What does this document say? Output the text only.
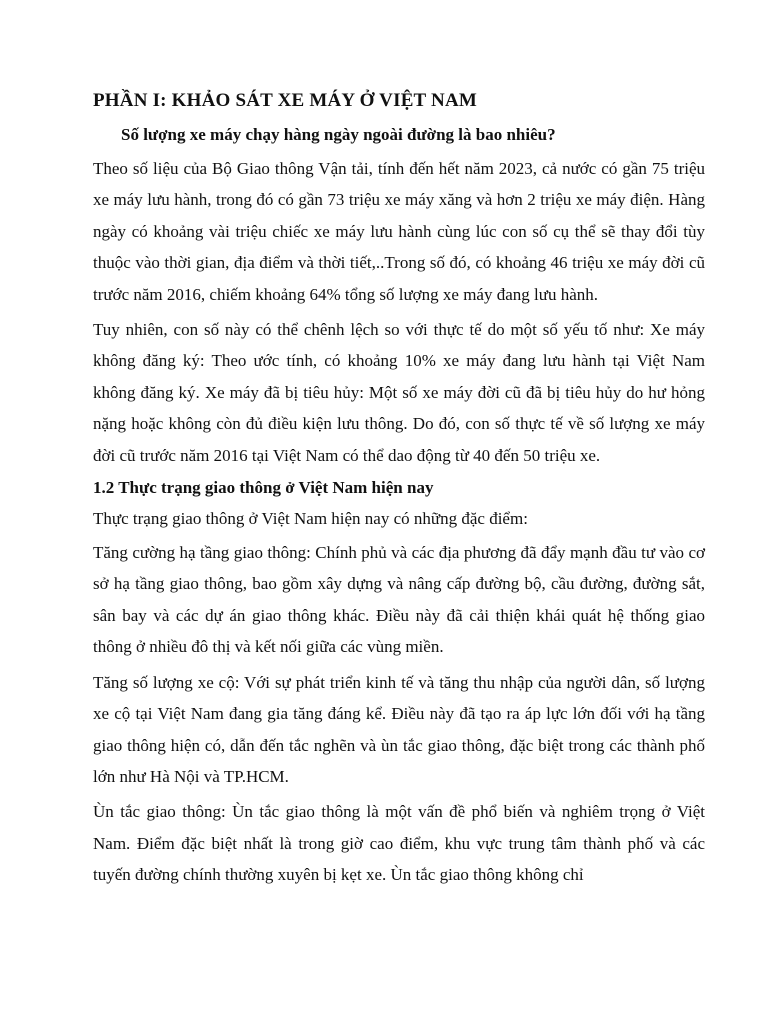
PHẦN I: KHẢO SÁT XE MÁY Ở VIỆT NAM

Số lượng xe máy chạy hàng ngày ngoài đường là bao nhiêu?

Theo số liệu của Bộ Giao thông Vận tải, tính đến hết năm 2023, cả nước có gần 75 triệu xe máy lưu hành, trong đó có gần 73 triệu xe máy xăng và hơn 2 triệu xe máy điện. Hàng ngày có khoảng vài triệu chiếc xe máy lưu hành cùng lúc con số cụ thể sẽ thay đổi tùy thuộc vào thời gian, địa điểm và thời tiết,..Trong số đó, có khoảng 46 triệu xe máy đời cũ trước năm 2016, chiếm khoảng 64% tổng số lượng xe máy đang lưu hành.

Tuy nhiên, con số này có thể chênh lệch so với thực tế do một số yếu tố như: Xe máy không đăng ký: Theo ước tính, có khoảng 10% xe máy đang lưu hành tại Việt Nam không đăng ký. Xe máy đã bị tiêu hủy: Một số xe máy đời cũ đã bị tiêu hủy do hư hỏng nặng hoặc không còn đủ điều kiện lưu thông. Do đó, con số thực tế về số lượng xe máy đời cũ trước năm 2016 tại Việt Nam có thể dao động từ 40 đến 50 triệu xe.

1.2 Thực trạng giao thông ở Việt Nam hiện nay

Thực trạng giao thông ở Việt Nam hiện nay có những đặc điểm:

Tăng cường hạ tầng giao thông: Chính phủ và các địa phương đã đẩy mạnh đầu tư vào cơ sở hạ tầng giao thông, bao gồm xây dựng và nâng cấp đường bộ, cầu đường, đường sắt, sân bay và các dự án giao thông khác. Điều này đã cải thiện khái quát hệ thống giao thông ở nhiều đô thị và kết nối giữa các vùng miền.

Tăng số lượng xe cộ: Với sự phát triển kinh tế và tăng thu nhập của người dân, số lượng xe cộ tại Việt Nam đang gia tăng đáng kể. Điều này đã tạo ra áp lực lớn đối với hạ tầng giao thông hiện có, dẫn đến tắc nghẽn và ùn tắc giao thông, đặc biệt trong các thành phố lớn như Hà Nội và TP.HCM.

Ùn tắc giao thông: Ùn tắc giao thông là một vấn đề phổ biến và nghiêm trọng ở Việt Nam. Điểm đặc biệt nhất là trong giờ cao điểm, khu vực trung tâm thành phố và các tuyến đường chính thường xuyên bị kẹt xe. Ùn tắc giao thông không chỉ
